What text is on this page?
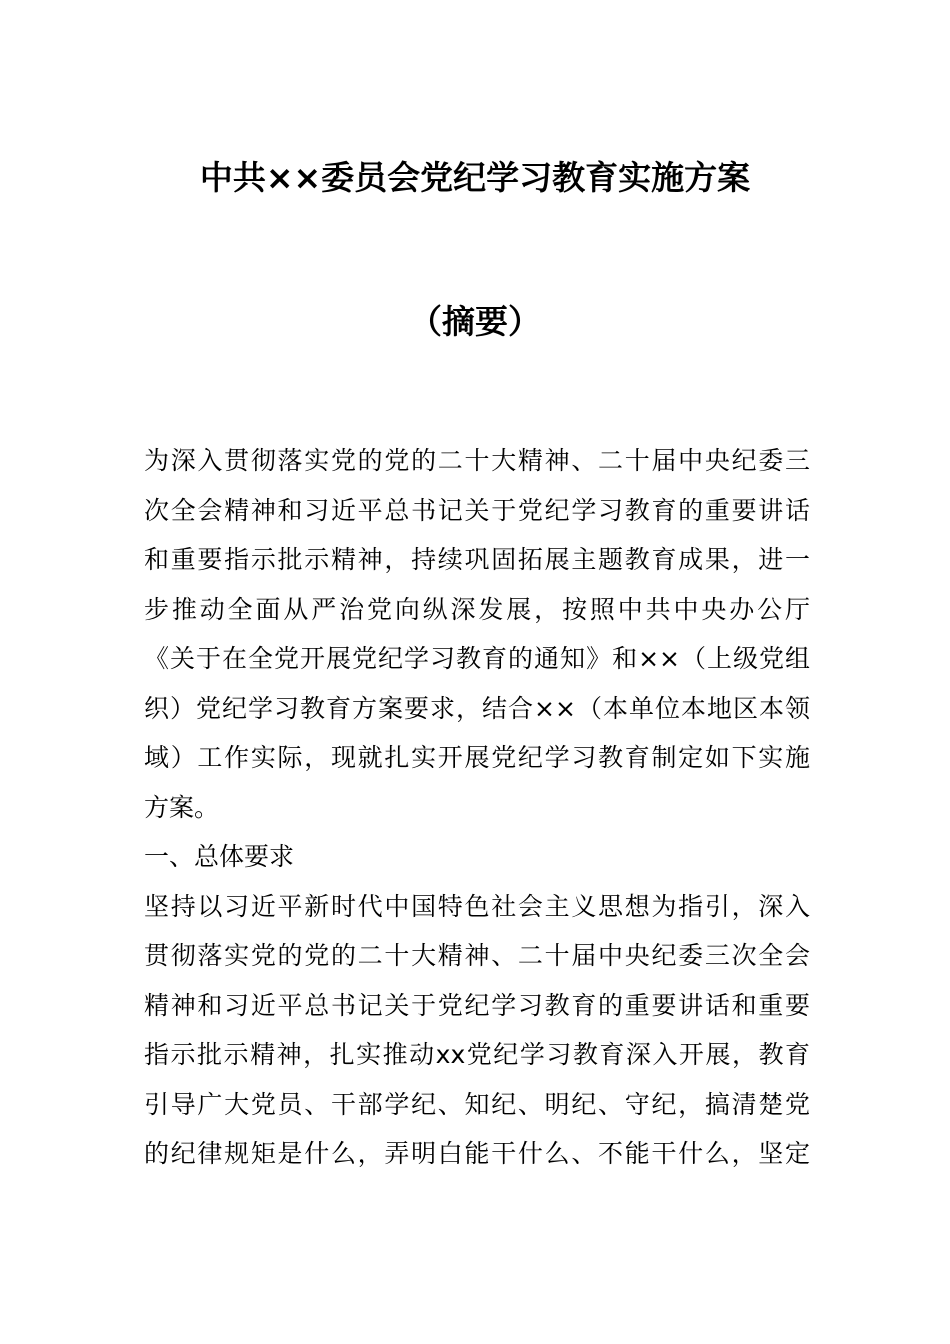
中共××委员会党纪学习教育实施方案
（摘要）
为深入贯彻落实党的党的二十大精神、二十届中央纪委三
次全会精神和习近平总书记关于党纪学习教育的重要讲话
和重要指示批示精神，持续巩固拓展主题教育成果，进一
步推动全面从严治党向纵深发展，按照中共中央办公厅
《关于在全党开展党纪学习教育的通知》和××（上级党组
织）党纪学习教育方案要求，结合××（本单位本地区本领
域）工作实际，现就扎实开展党纪学习教育制定如下实施
方案。
一、总体要求
坚持以习近平新时代中国特色社会主义思想为指引，深入
贯彻落实党的党的二十大精神、二十届中央纪委三次全会
精神和习近平总书记关于党纪学习教育的重要讲话和重要
指示批示精神，扎实推动xx党纪学习教育深入开展，教育
引导广大党员、干部学纪、知纪、明纪、守纪，搞清楚党
的纪律规矩是什么，弄明白能干什么、不能干什么，坚定
